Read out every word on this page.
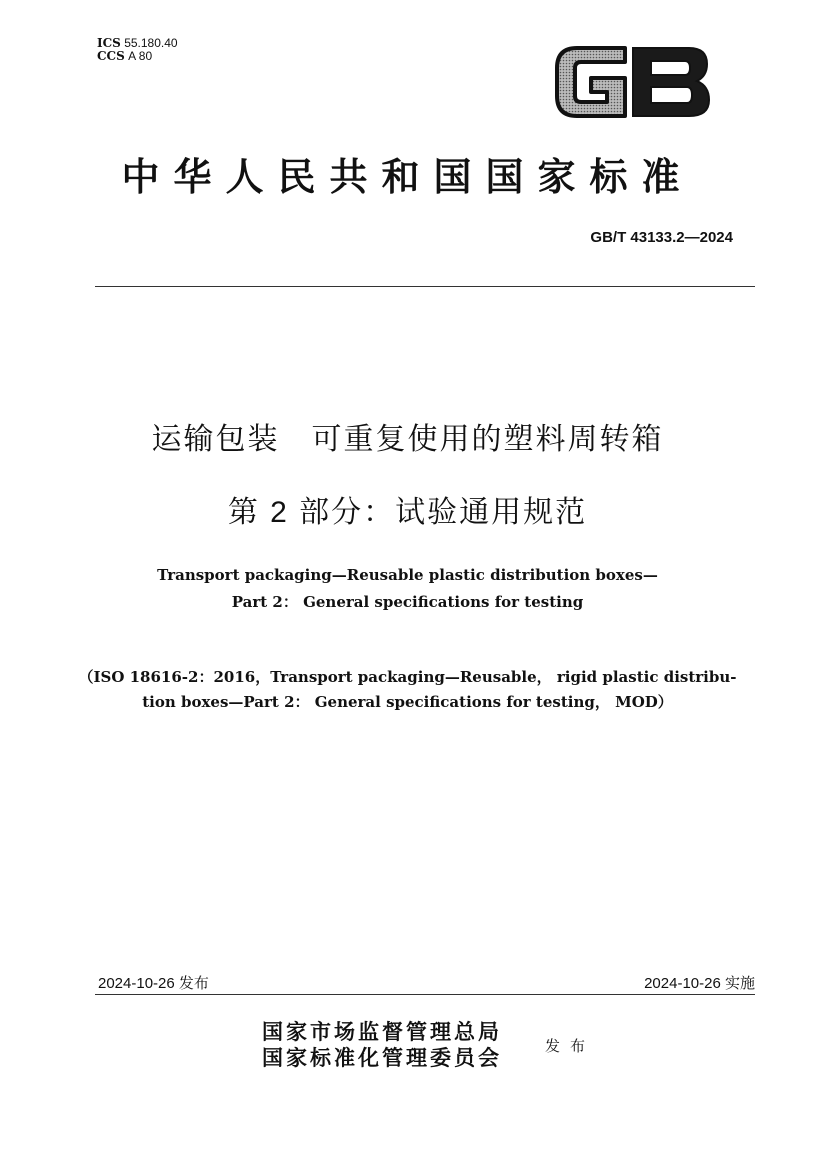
ICS 55.180.40
CCS A 80
中华人民共和国国家标准
GB/T 43133.2—2024
运输包装　可重复使用的塑料周转箱
第 2 部分：试验通用规范
Transport packaging—Reusable plastic distribution boxes—
Part 2： General specifications for testing
（ISO 18616-2：2016，Transport packaging—Reusable， rigid plastic distribu-
tion boxes—Part 2： General specifications for testing， MOD）
2024-10-26 发布	2024-10-26 实施
国家市场监督管理总局
国家标准化管理委员会	发布
